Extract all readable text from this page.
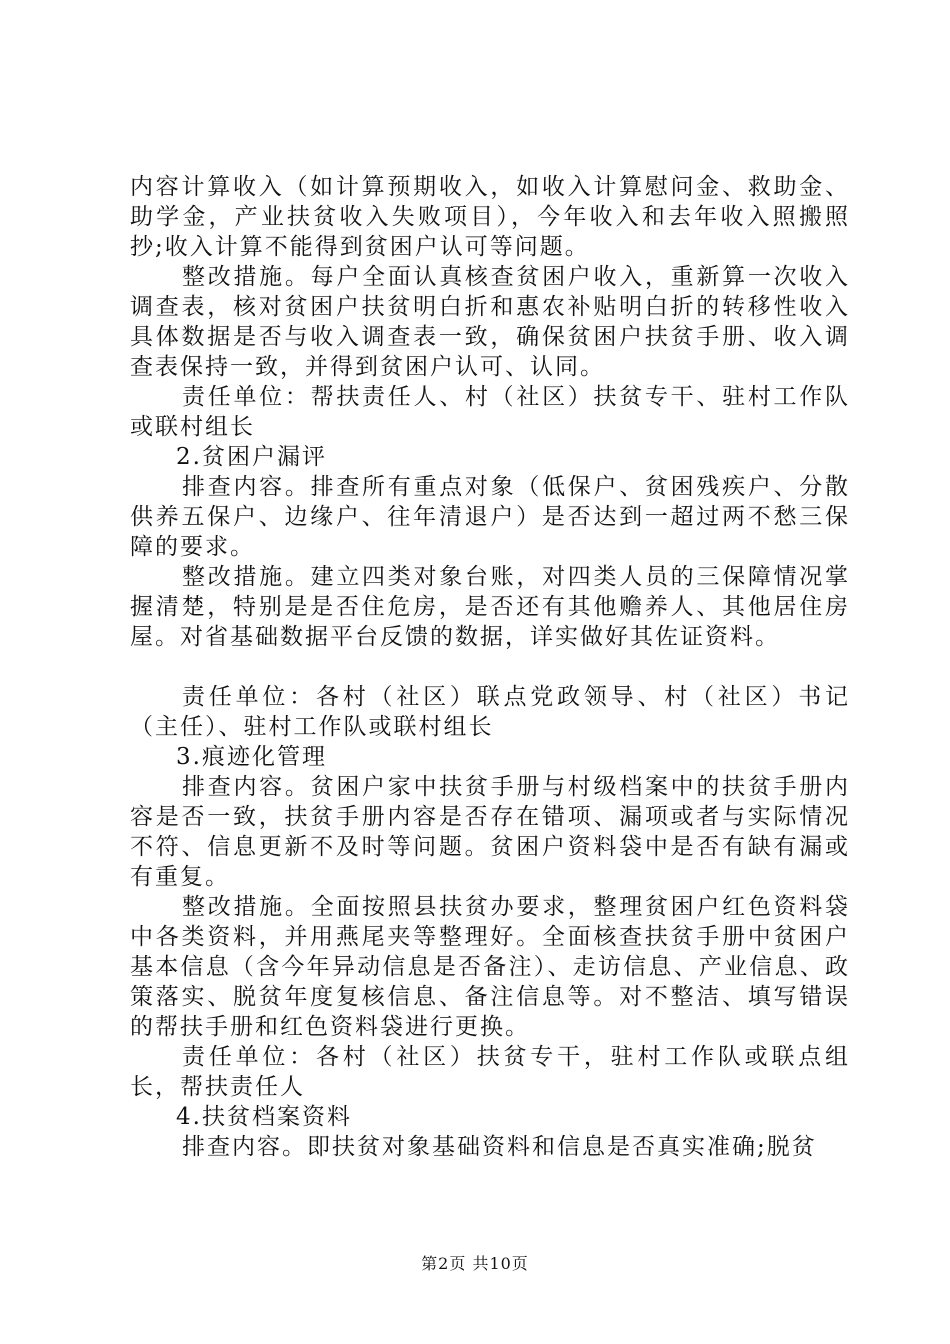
内容计算收入（如计算预期收入，如收入计算慰问金、救助金、助学金，产业扶贫收入失败项目），今年收入和去年收入照搬照抄;收入计算不能得到贫困户认可等问题。

整改措施。每户全面认真核查贫困户收入，重新算一次收入调查表，核对贫困户扶贫明白折和惠农补贴明白折的转移性收入具体数据是否与收入调查表一致，确保贫困户扶贫手册、收入调查表保持一致，并得到贫困户认可、认同。

责任单位：帮扶责任人、村（社区）扶贫专干、驻村工作队或联村组长

2.贫困户漏评

排查内容。排查所有重点对象（低保户、贫困残疾户、分散供养五保户、边缘户、往年清退户）是否达到一超过两不愁三保障的要求。

整改措施。建立四类对象台账，对四类人员的三保障情况掌握清楚，特别是是否住危房，是否还有其他赡养人、其他居住房屋。对省基础数据平台反馈的数据，详实做好其佐证资料。

责任单位：各村（社区）联点党政领导、村（社区）书记（主任）、驻村工作队或联村组长

3.痕迹化管理

排查内容。贫困户家中扶贫手册与村级档案中的扶贫手册内容是否一致，扶贫手册内容是否存在错项、漏项或者与实际情况不符、信息更新不及时等问题。贫困户资料袋中是否有缺有漏或有重复。

整改措施。全面按照县扶贫办要求，整理贫困户红色资料袋中各类资料，并用燕尾夹等整理好。全面核查扶贫手册中贫困户基本信息（含今年异动信息是否备注）、走访信息、产业信息、政策落实、脱贫年度复核信息、备注信息等。对不整洁、填写错误的帮扶手册和红色资料袋进行更换。

责任单位：各村（社区）扶贫专干，驻村工作队或联点组长，帮扶责任人

4.扶贫档案资料

排查内容。即扶贫对象基础资料和信息是否真实准确;脱贫

第2页 共10页
